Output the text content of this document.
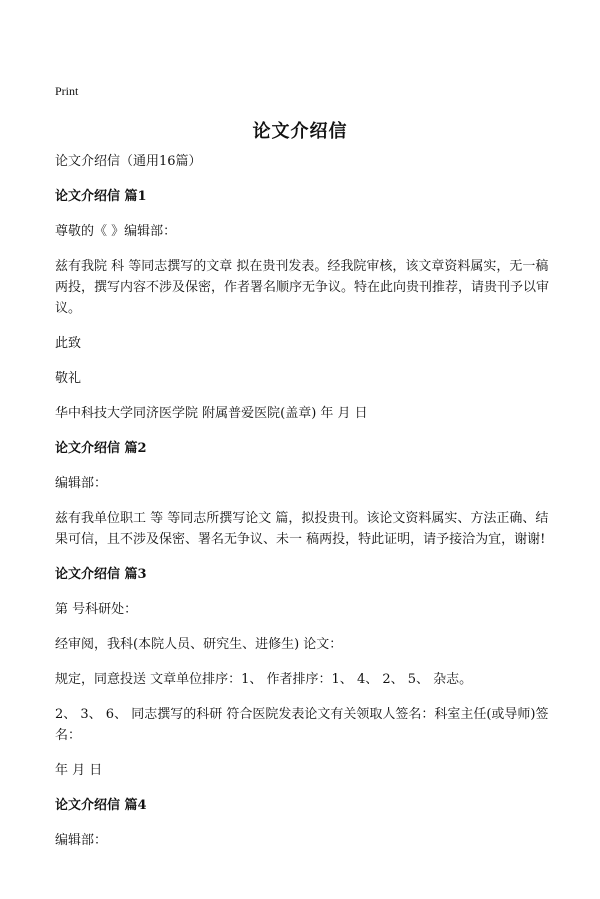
Print
论文介绍信

论文介绍信（通用16篇）

论文介绍信 篇1

尊敬的《 》编辑部：

兹有我院 科 等同志撰写的文章 拟在贵刊发表。经我院审核，该文章资料属实，无一稿两投，撰写内容不涉及保密，作者署名顺序无争议。特在此向贵刊推荐，请贵刊予以审议。

此致

敬礼

华中科技大学同济医学院 附属普爱医院(盖章) 年 月 日

论文介绍信 篇2

编辑部：

兹有我单位职工 等 等同志所撰写论文 篇，拟投贵刊。该论文资料属实、方法正确、结果可信，且不涉及保密、署名无争议、未一 稿两投，特此证明，请予接洽为宜，谢谢!

论文介绍信 篇3

第 号科研处：

经审阅，我科(本院人员、研究生、进修生) 论文：

规定，同意投送 文章单位排序：1、 作者排序：1、 4、 2、 5、 杂志。

2、 3、 6、 同志撰写的科研 符合医院发表论文有关领取人签名：科室主任(或导师)签名：

年 月 日

论文介绍信 篇4

编辑部：
